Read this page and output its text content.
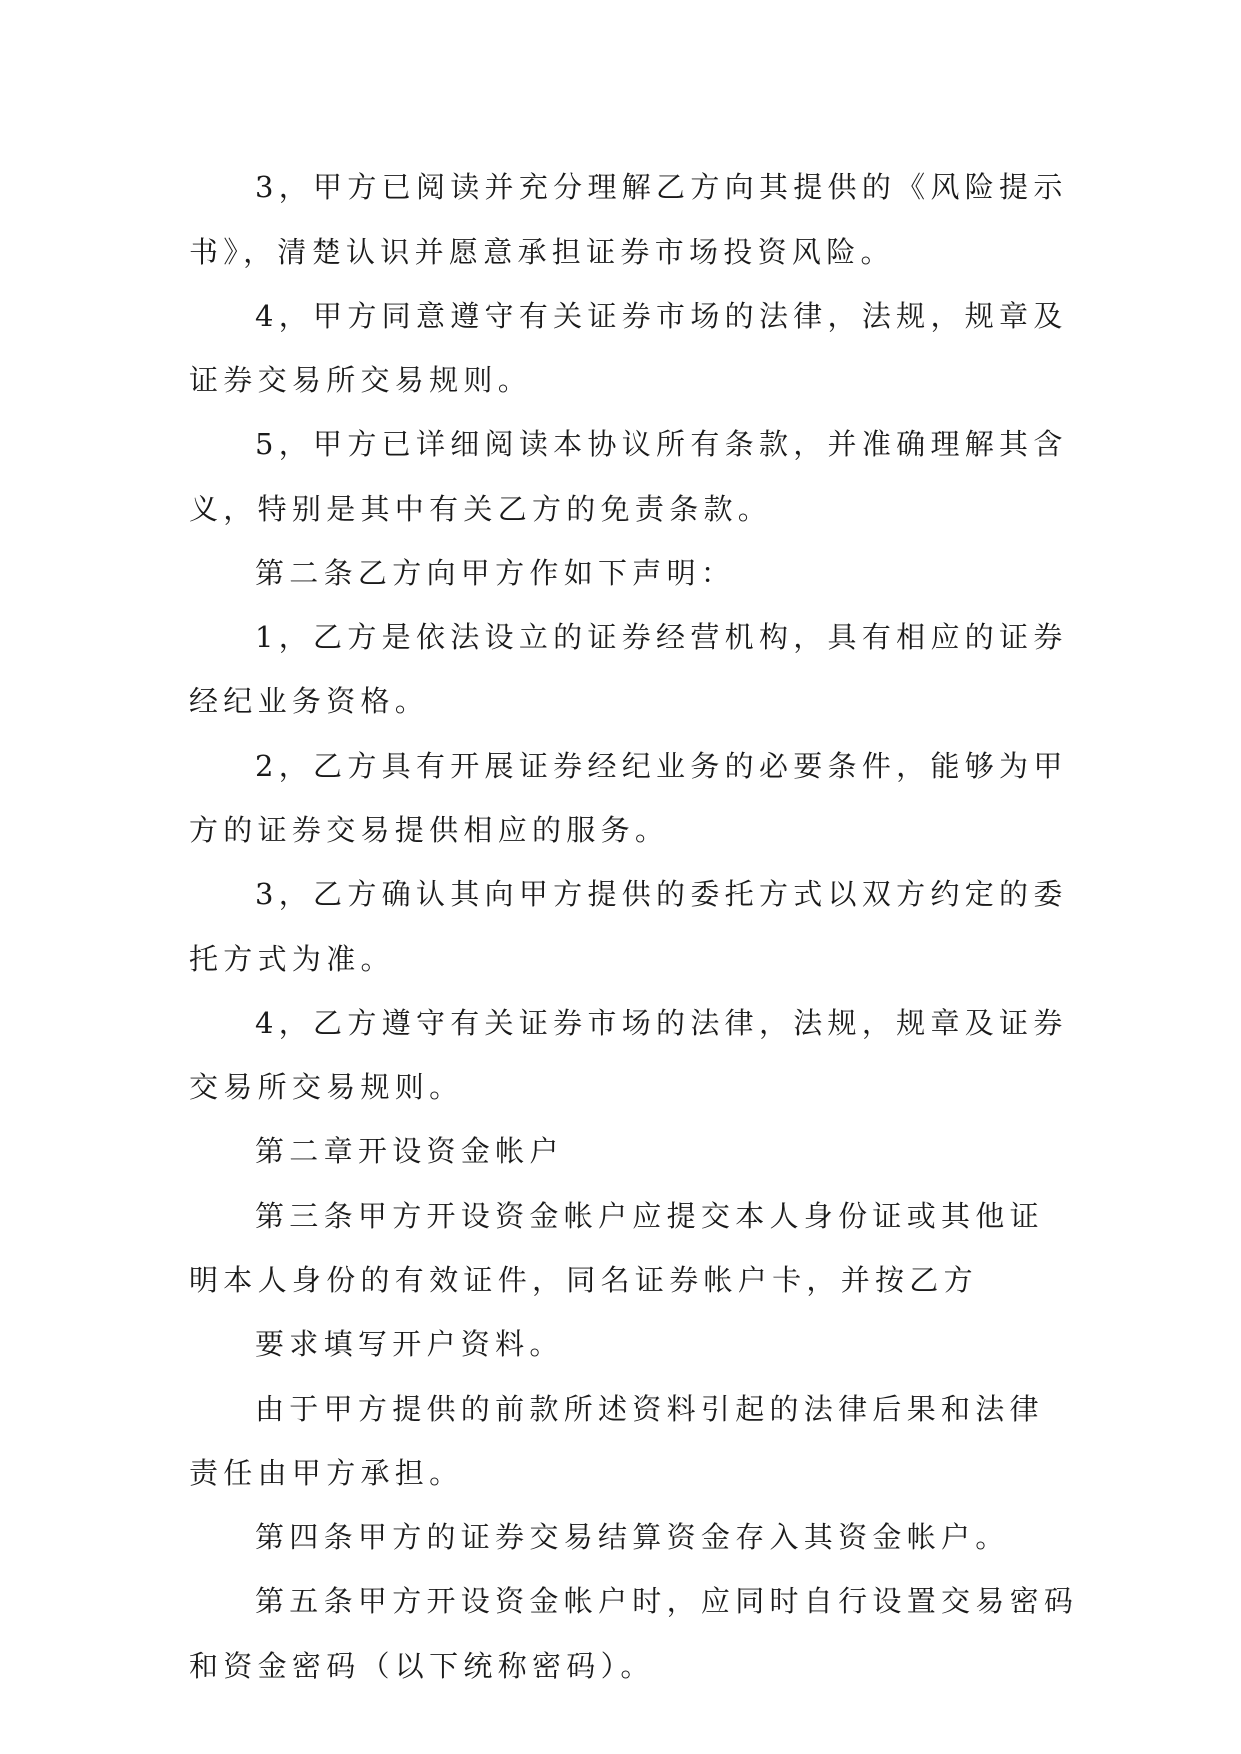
3，甲方已阅读并充分理解乙方向其提供的《风险提示
书》，清楚认识并愿意承担证券市场投资风险。
4，甲方同意遵守有关证券市场的法律，法规，规章及
证券交易所交易规则。
5，甲方已详细阅读本协议所有条款，并准确理解其含
义，特别是其中有关乙方的免责条款。
第二条乙方向甲方作如下声明：
1，乙方是依法设立的证券经营机构，具有相应的证券
经纪业务资格。
2，乙方具有开展证券经纪业务的必要条件，能够为甲
方的证券交易提供相应的服务。
3，乙方确认其向甲方提供的委托方式以双方约定的委
托方式为准。
4，乙方遵守有关证券市场的法律，法规，规章及证券
交易所交易规则。
第二章开设资金帐户
第三条甲方开设资金帐户应提交本人身份证或其他证
明本人身份的有效证件，同名证券帐户卡，并按乙方
要求填写开户资料。
由于甲方提供的前款所述资料引起的法律后果和法律
责任由甲方承担。
第四条甲方的证券交易结算资金存入其资金帐户。
第五条甲方开设资金帐户时，应同时自行设置交易密码
和资金密码（以下统称密码）。
